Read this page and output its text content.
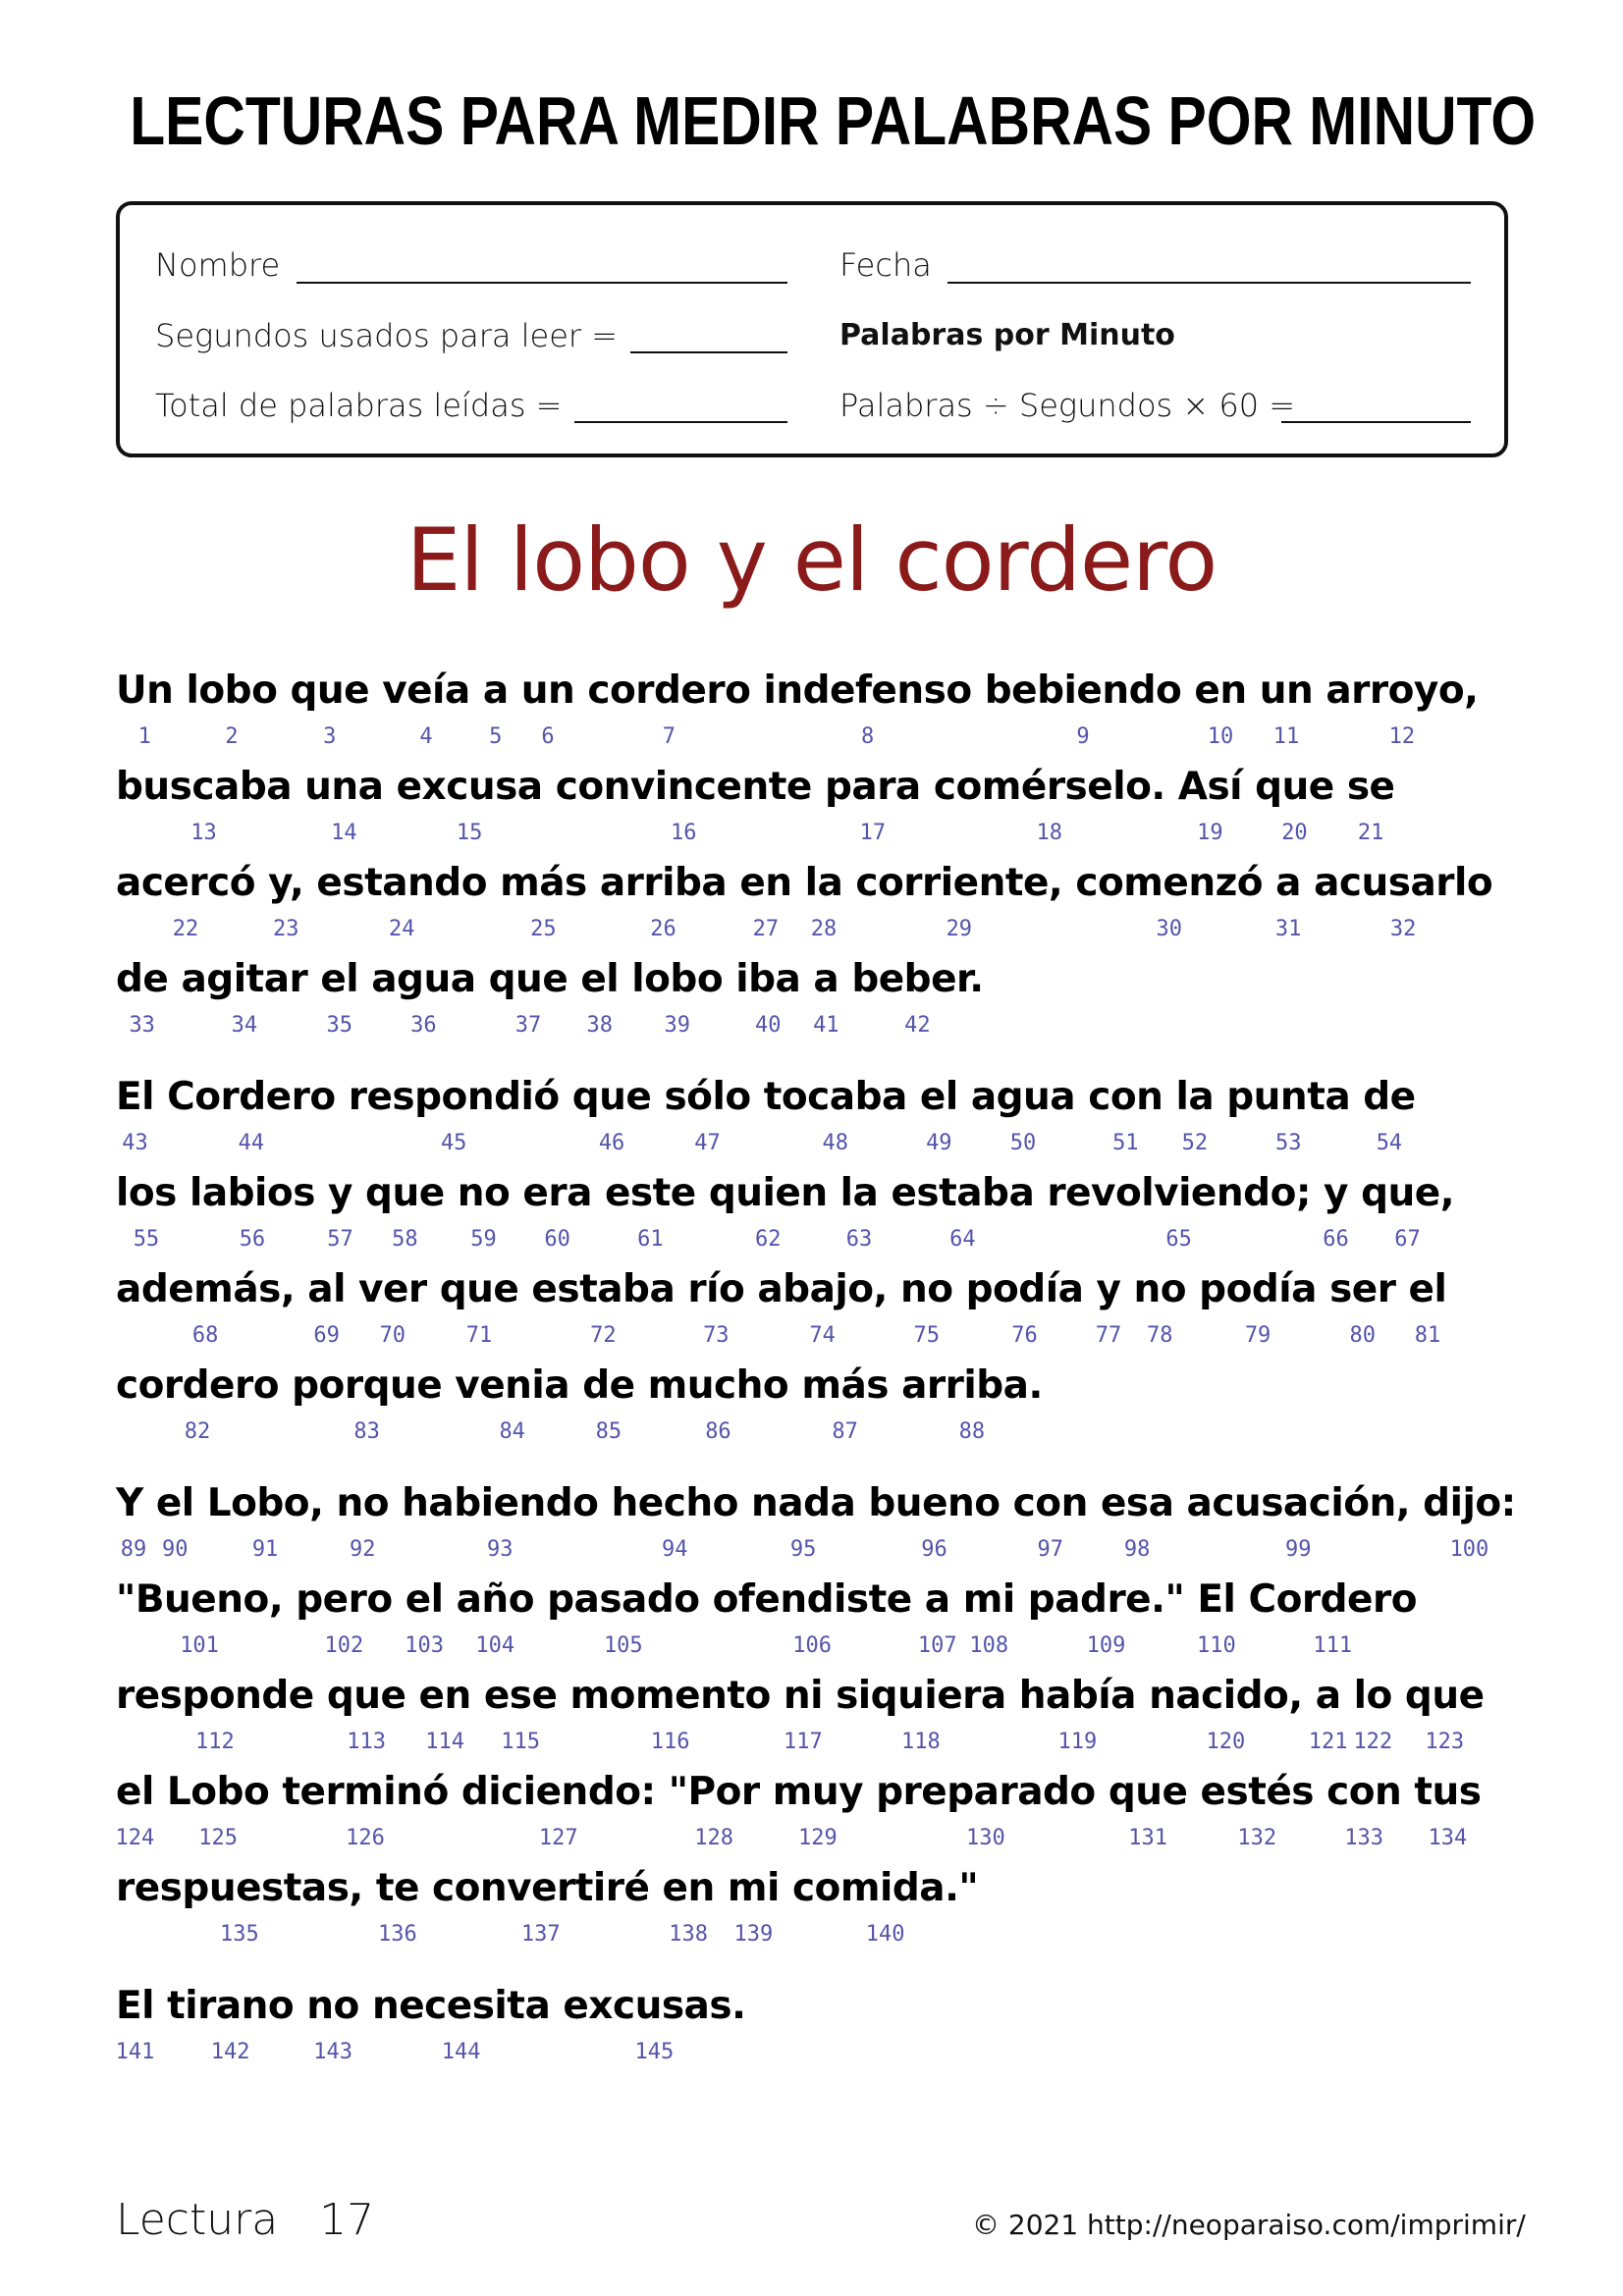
LECTURAS PARA MEDIR PALABRAS POR MINUTO
Nombre	Fecha
Segundos usados para leer =	Palabras por Minuto
Total de palabras leídas =	Palabras ÷ Segundos × 60 =
El lobo y el cordero
Un lobo que veía a un cordero indefenso bebiendo en un arroyo,
1	2	3	4	5 6	7	8	9	10 11	12
buscaba una excusa convincente para comérselo. Así que se
13	14	15	16	17	18	19	20 21
acercó y, estando más arriba en la corriente, comenzó a acusarlo
22	23	24	25	26	27 28	29	30	31	32
de agitar el agua que el lobo iba a beber.
33	34	35	36	37 38 39	40 41	42
El Cordero respondió que sólo tocaba el agua con la punta de
43	44	45	46	47	48	49	50	51 52	53	54
los labios y que no era este quien la estaba revolviendo; y que,
55	56	57 58 59 60	61	62	63	64	65	66 67
además, al ver que estaba río abajo, no podía y no podía ser el
68	69 70	71	72	73	74	75	76	77 78	79	80 81
cordero porque venia de mucho más arriba.
82	83	84	85	86	87	88
Y el Lobo, no habiendo hecho nada bueno con esa acusación, dijo:
89 90	91	92	93	94	95	96	97	98	99	100
"Bueno, pero el año pasado ofendiste a mi padre." El Cordero
101	102 103 104	105	106	107 108	109	110	111
responde que en ese momento ni siquiera había nacido, a lo que
112	113 114 115	116	117	118	119	120	121 122 123
el Lobo terminó diciendo: "Por muy preparado que estés con tus
124 125	126	127	128	129	130	131	132	133 134
respuestas, te convertiré en mi comida."
135	136	137	138 139	140
El tirano no necesita excusas.
141	142	143	144	145
Lectura 17	© 2021 http://neoparaiso.com/imprimir/
